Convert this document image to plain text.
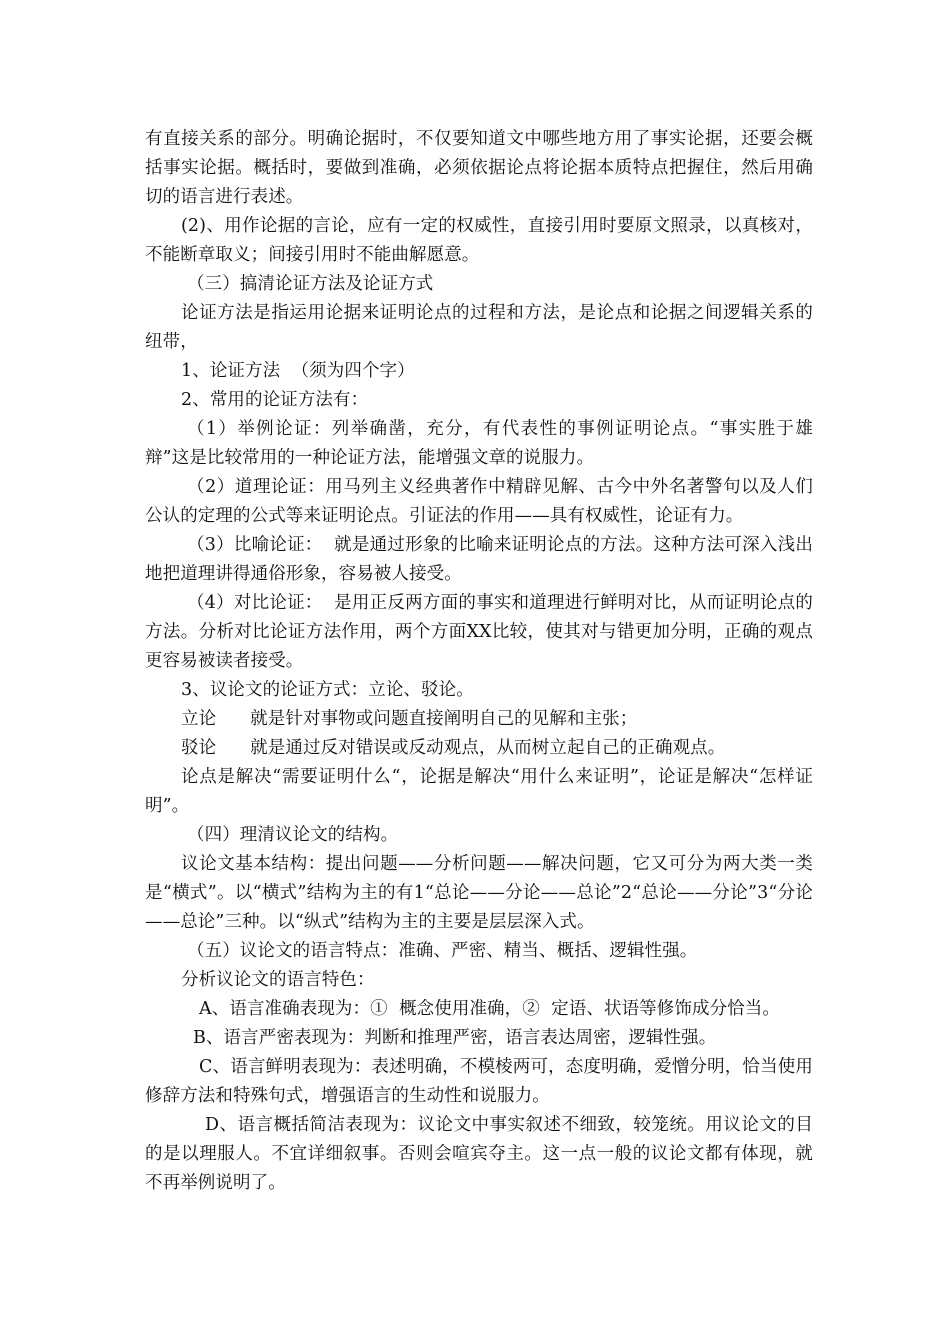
有直接关系的部分。明确论据时，不仅要知道文中哪些地方用了事实论据，还要会概括事实论据。概括时，要做到准确，必须依据论点将论据本质特点把握住，然后用确切的语言进行表述。

(2)、用作论据的言论，应有一定的权威性，直接引用时要原文照录，以真核对，不能断章取义；间接引用时不能曲解愿意。

（三）搞清论证方法及论证方式

论证方法是指运用论据来证明论点的过程和方法，是论点和论据之间逻辑关系的纽带，

1、论证方法  （须为四个字）

2、常用的论证方法有：

（1）举例论证：列举确凿，充分，有代表性的事例证明论点。“事实胜于雄辩”这是比较常用的一种论证方法，能增强文章的说服力。

（2）道理论证：用马列主义经典著作中精辟见解、古今中外名著警句以及人们公认的定理的公式等来证明论点。引证法的作用——具有权威性，论证有力。

（3）比喻论证：  就是通过形象的比喻来证明论点的方法。这种方法可深入浅出地把道理讲得通俗形象，容易被人接受。

（4）对比论证：  是用正反两方面的事实和道理进行鲜明对比，从而证明论点的方法。分析对比论证方法作用，两个方面XX比较，使其对与错更加分明，正确的观点更容易被读者接受。

3、议论文的论证方式：立论、驳论。

立论      就是针对事物或问题直接阐明自己的见解和主张；

驳论      就是通过反对错误或反动观点，从而树立起自己的正确观点。

论点是解决“需要证明什么“，论据是解决“用什么来证明”，论证是解决“怎样证明”。

（四）理清议论文的结构。

议论文基本结构：提出问题——分析问题——解决问题，它又可分为两大类一类是“横式”。以“横式”结构为主的有1“总论——分论——总论”2“总论——分论”3“分论——总论”三种。以“纵式”结构为主的主要是层层深入式。

（五）议论文的语言特点：准确、严密、精当、概括、逻辑性强。

分析议论文的语言特色：

A、语言准确表现为：①  概念使用准确，②  定语、状语等修饰成分恰当。

B、语言严密表现为：判断和推理严密，语言表达周密，逻辑性强。

C、语言鲜明表现为：表述明确，不模棱两可，态度明确，爱憎分明，恰当使用修辞方法和特殊句式，增强语言的生动性和说服力。

D、语言概括简洁表现为：议论文中事实叙述不细致，较笼统。用议论文的目的是以理服人。不宜详细叙事。否则会喧宾夺主。这一点一般的议论文都有体现，就不再举例说明了。
